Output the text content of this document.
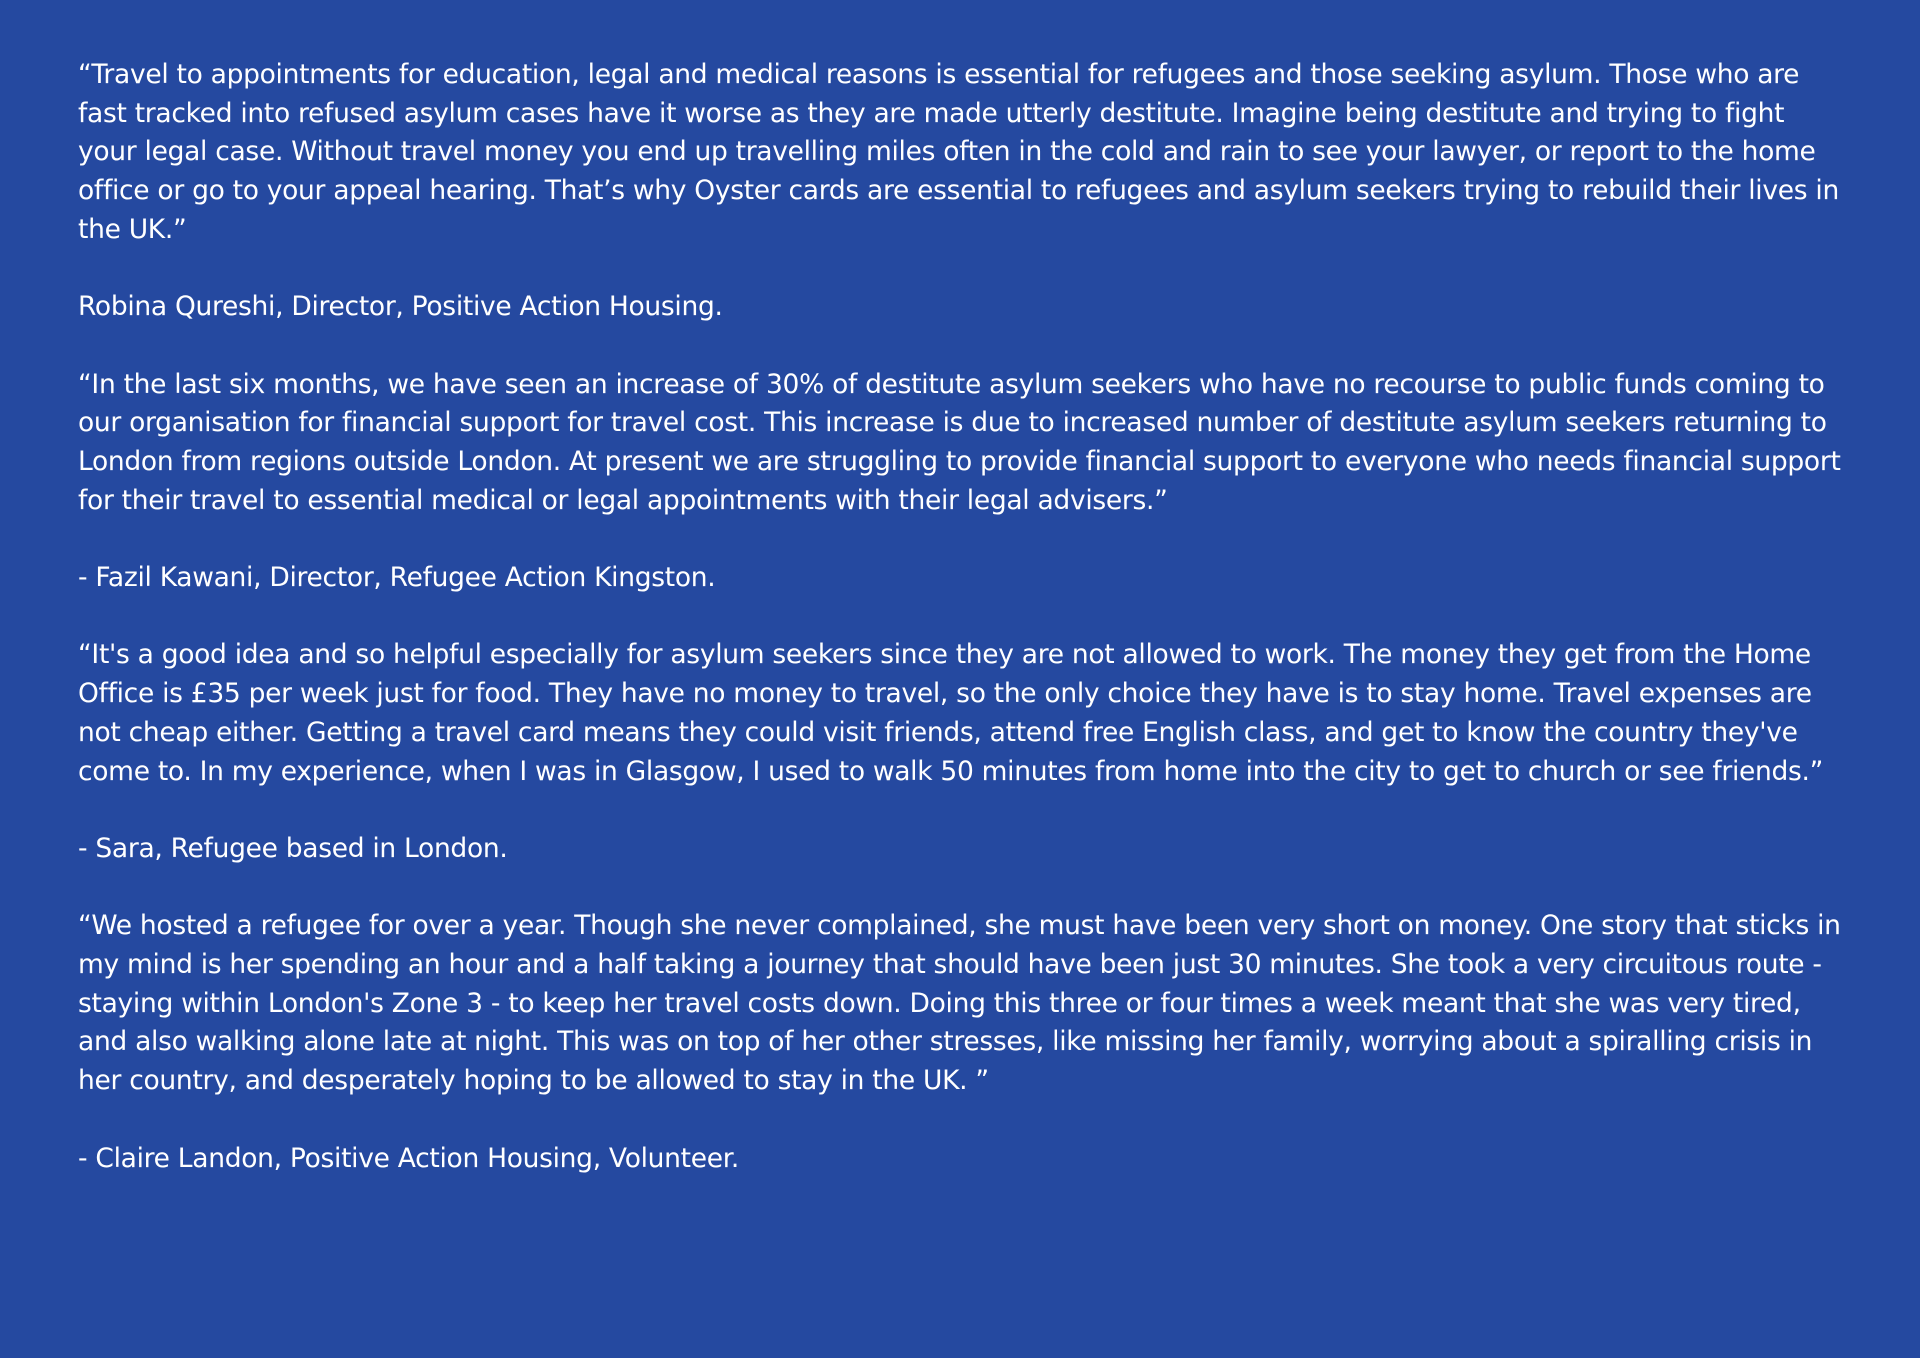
“Travel to appointments for education, legal and medical reasons is essential for refugees and those seeking asylum. Those who are fast tracked into refused asylum cases have it worse as they are made utterly destitute. Imagine being destitute and trying to fight your legal case. Without travel money you end up travelling miles often in the cold and rain to see your lawyer, or report to the home office or go to your appeal hearing. That’s why Oyster cards are essential to refugees and asylum seekers trying to rebuild their lives in the UK.”

Robina Qureshi, Director, Positive Action Housing.

“In the last six months, we have seen an increase of 30% of destitute asylum seekers who have no recourse to public funds coming to our organisation for financial support for travel cost. This increase is due to increased number of destitute asylum seekers returning to London from regions outside London. At present we are struggling to provide financial support to everyone who needs financial support for their travel to essential medical or legal appointments with their legal advisers.”

- Fazil Kawani, Director, Refugee Action Kingston.

“It's a good idea and so helpful especially for asylum seekers since they are not allowed to work. The money they get from the Home Office is £35 per week just for food. They have no money to travel, so the only choice they have is to stay home. Travel expenses are not cheap either. Getting a travel card means they could visit friends, attend free English class, and get to know the country they've come to. In my experience, when I was in Glasgow, I used to walk 50 minutes from home into the city to get to church or see friends.”

- Sara, Refugee based in London.

“We hosted a refugee for over a year. Though she never complained, she must have been very short on money. One story that sticks in my mind is her spending an hour and a half taking a journey that should have been just 30 minutes. She took a very circuitous route - staying within London's Zone 3 - to keep her travel costs down. Doing this three or four times a week meant that she was very tired, and also walking alone late at night. This was on top of her other stresses, like missing her family, worrying about a spiralling crisis in her country, and desperately hoping to be allowed to stay in the UK. ”

- Claire Landon, Positive Action Housing, Volunteer.
